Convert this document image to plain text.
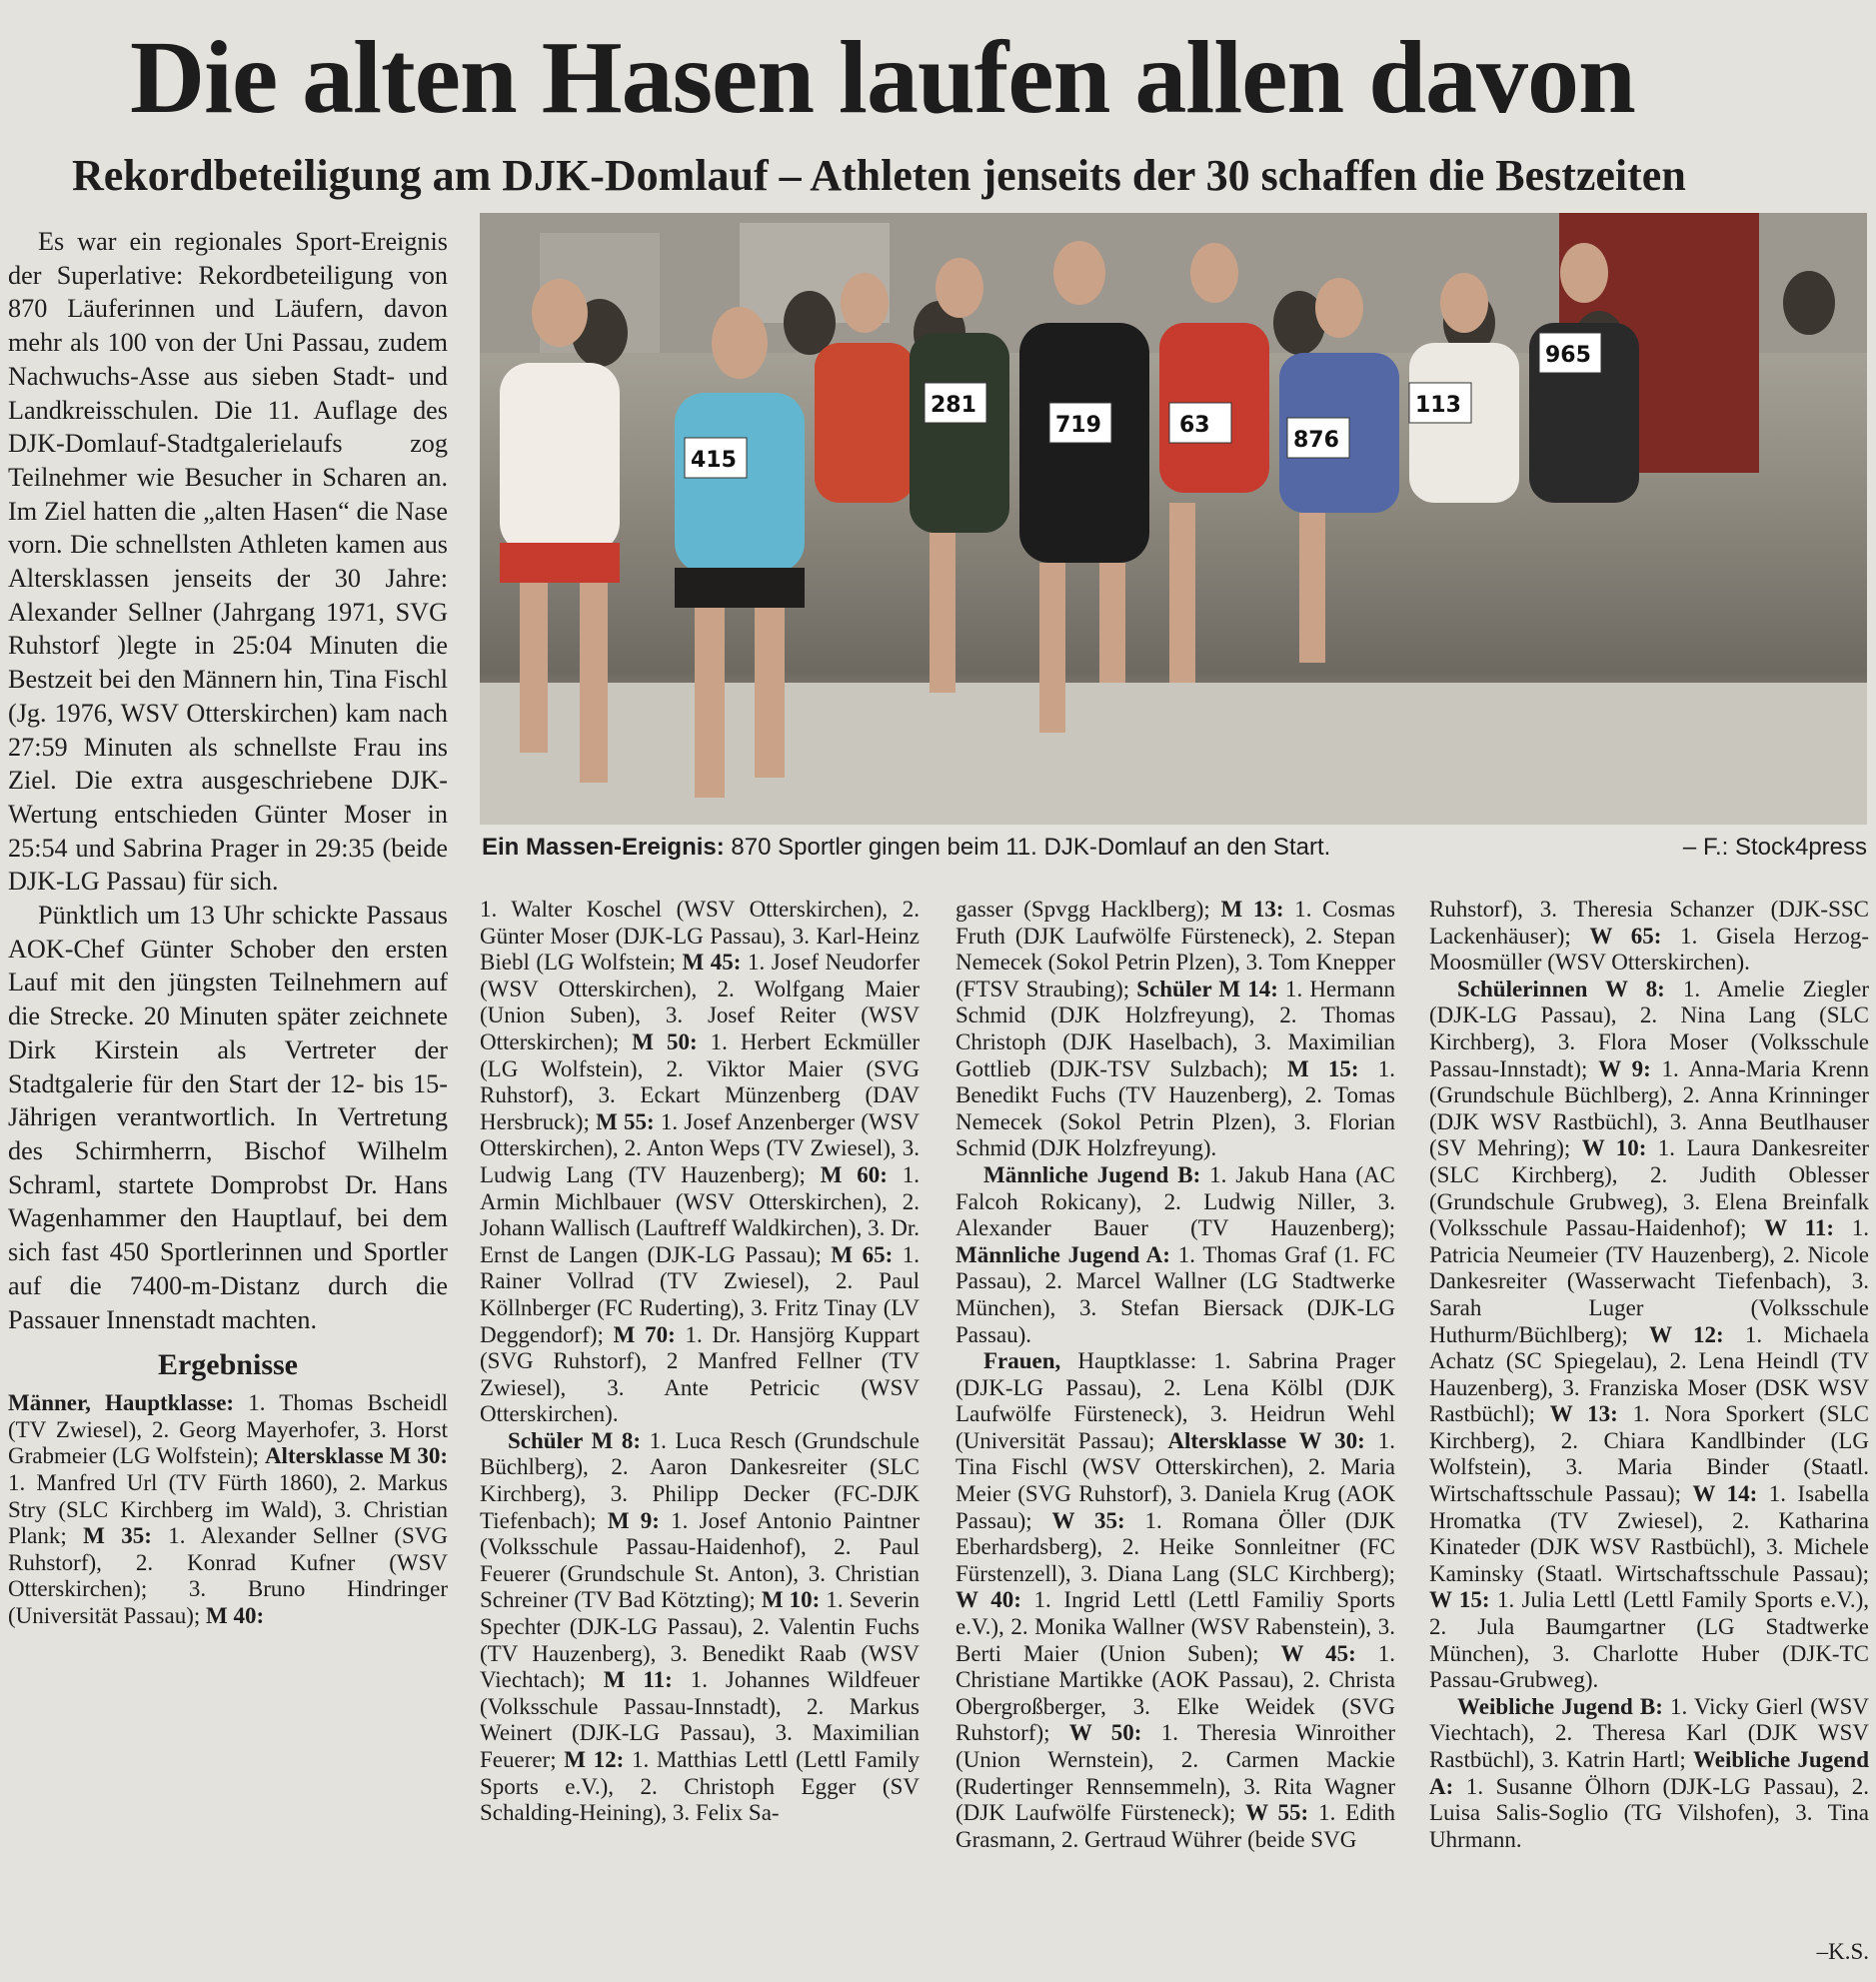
Die alten Hasen laufen allen davon
Rekordbeteiligung am DJK-Domlauf – Athleten jenseits der 30 schaffen die Bestzeiten

Es war ein regionales Sport-Ereignis der Superlative: Rekordbeteiligung von 870 Läuferinnen und Läufern, davon mehr als 100 von der Uni Passau, zudem Nachwuchs-Asse aus sieben Stadt- und Landkreisschulen. Die 11. Auflage des DJK-Domlauf-Stadtgalerielaufs zog Teilnehmer wie Besucher in Scharen an. Im Ziel hatten die „alten Hasen“ die Nase vorn. Die schnellsten Athleten kamen aus Altersklassen jenseits der 30 Jahre: Alexander Sellner (Jahrgang 1971, SVG Ruhstorf )legte in 25:04 Minuten die Bestzeit bei den Männern hin, Tina Fischl (Jg. 1976, WSV Otterskirchen) kam nach 27:59 Minuten als schnellste Frau ins Ziel. Die extra ausgeschriebene DJK-Wertung entschieden Günter Moser in 25:54 und Sabrina Prager in 29:35 (beide DJK-LG Passau) für sich.

Pünktlich um 13 Uhr schickte Passaus AOK-Chef Günter Schober den ersten Lauf mit den jüngsten Teilnehmern auf die Strecke. 20 Minuten später zeichnete Dirk Kirstein als Vertreter der Stadtgalerie für den Start der 12- bis 15-Jährigen verantwortlich. In Vertretung des Schirmherrn, Bischof Wilhelm Schraml, startete Domprobst Dr. Hans Wagenhammer den Hauptlauf, bei dem sich fast 450 Sportlerinnen und Sportler auf die 7400-m-Distanz durch die Passauer Innenstadt machten.

Ergebnisse

Männer, Hauptklasse: 1. Thomas Bscheidl (TV Zwiesel), 2. Georg Mayerhofer, 3. Horst Grabmeier (LG Wolfstein); Altersklasse M 30: 1. Manfred Url (TV Fürth 1860), 2. Markus Stry (SLC Kirchberg im Wald), 3. Christian Plank; M 35: 1. Alexander Sellner (SVG Ruhstorf), 2. Konrad Kufner (WSV Otterskirchen); 3. Bruno Hindringer (Universität Passau); M 40:

415
281
719	63
876
113
965
Ein Massen-Ereignis: 870 Sportler gingen beim 11. DJK-Domlauf an den Start.	– F.: Stock4press

1. Walter Koschel (WSV Otterskirchen), 2. Günter Moser (DJK-LG Passau), 3. Karl-Heinz Biebl (LG Wolfstein; M 45: 1. Josef Neudorfer (WSV Otterskirchen), 2. Wolfgang Maier (Union Suben), 3. Josef Reiter (WSV Otterskirchen); M 50: 1. Herbert Eckmüller (LG Wolfstein), 2. Viktor Maier (SVG Ruhstorf), 3. Eckart Münzenberg (DAV Hersbruck); M 55: 1. Josef Anzenberger (WSV Otterskirchen), 2. Anton Weps (TV Zwiesel), 3. Ludwig Lang (TV Hauzenberg); M 60: 1. Armin Michlbauer (WSV Otterskirchen), 2. Johann Wallisch (Lauftreff Waldkirchen), 3. Dr. Ernst de Langen (DJK-LG Passau); M 65: 1. Rainer Vollrad (TV Zwiesel), 2. Paul Köllnberger (FC Ruderting), 3. Fritz Tinay (LV Deggendorf); M 70: 1. Dr. Hansjörg Kuppart (SVG Ruhstorf), 2 Manfred Fellner (TV Zwiesel), 3. Ante Petricic (WSV Otterskirchen).

Schüler M 8: 1. Luca Resch (Grundschule Büchlberg), 2. Aaron Dankesreiter (SLC Kirchberg), 3. Philipp Decker (FC-DJK Tiefenbach); M 9: 1. Josef Antonio Paintner (Volksschule Passau-Haidenhof), 2. Paul Feuerer (Grundschule St. Anton), 3. Christian Schreiner (TV Bad Kötzting); M 10: 1. Severin Spechter (DJK-LG Passau), 2. Valentin Fuchs (TV Hauzenberg), 3. Benedikt Raab (WSV Viechtach); M 11: 1. Johannes Wildfeuer (Volksschule Passau-Innstadt), 2. Markus Weinert (DJK-LG Passau), 3. Maximilian Feuerer; M 12: 1. Matthias Lettl (Lettl Family Sports e.V.), 2. Christoph Egger (SV Schalding-Heining), 3. Felix Sa-

gasser (Spvgg Hacklberg); M 13: 1. Cosmas Fruth (DJK Laufwölfe Fürsteneck), 2. Stepan Nemecek (Sokol Petrin Plzen), 3. Tom Knepper (FTSV Straubing); Schüler M 14: 1. Hermann Schmid (DJK Holzfreyung), 2. Thomas Christoph (DJK Haselbach), 3. Maximilian Gottlieb (DJK-TSV Sulzbach); M 15: 1. Benedikt Fuchs (TV Hauzenberg), 2. Tomas Nemecek (Sokol Petrin Plzen), 3. Florian Schmid (DJK Holzfreyung).

Männliche Jugend B: 1. Jakub Hana (AC Falcoh Rokicany), 2. Ludwig Niller, 3. Alexander Bauer (TV Hauzenberg); Männliche Jugend A: 1. Thomas Graf (1. FC Passau), 2. Marcel Wallner (LG Stadtwerke München), 3. Stefan Biersack (DJK-LG Passau).

Frauen, Hauptklasse: 1. Sabrina Prager (DJK-LG Passau), 2. Lena Kölbl (DJK Laufwölfe Fürsteneck), 3. Heidrun Wehl (Universität Passau); Altersklasse W 30: 1. Tina Fischl (WSV Otterskirchen), 2. Maria Meier (SVG Ruhstorf), 3. Daniela Krug (AOK Passau); W 35: 1. Romana Öller (DJK Eberhardsberg), 2. Heike Sonnleitner (FC Fürstenzell), 3. Diana Lang (SLC Kirchberg); W 40: 1. Ingrid Lettl (Lettl Familiy Sports e.V.), 2. Monika Wallner (WSV Rabenstein), 3. Berti Maier (Union Suben); W 45: 1. Christiane Martikke (AOK Passau), 2. Christa Obergroßberger, 3. Elke Weidek (SVG Ruhstorf); W 50: 1. Theresia Winroither (Union Wernstein), 2. Carmen Mackie (Rudertinger Rennsemmeln), 3. Rita Wagner (DJK Laufwölfe Fürsteneck); W 55: 1. Edith Grasmann, 2. Gertraud Wührer (beide SVG

Ruhstorf), 3. Theresia Schanzer (DJK-SSC Lackenhäuser); W 65: 1. Gisela Herzog-Moosmüller (WSV Otterskirchen).

Schülerinnen W 8: 1. Amelie Ziegler (DJK-LG Passau), 2. Nina Lang (SLC Kirchberg), 3. Flora Moser (Volksschule Passau-Innstadt); W 9: 1. Anna-Maria Krenn (Grundschule Büchlberg), 2. Anna Krinninger (DJK WSV Rastbüchl), 3. Anna Beutlhauser (SV Mehring); W 10: 1. Laura Dankesreiter (SLC Kirchberg), 2. Judith Oblesser (Grundschule Grubweg), 3. Elena Breinfalk (Volksschule Passau-Haidenhof); W 11: 1. Patricia Neumeier (TV Hauzenberg), 2. Nicole Dankesreiter (Wasserwacht Tiefenbach), 3. Sarah Luger (Volksschule Huthurm/Büchlberg); W 12: 1. Michaela Achatz (SC Spiegelau), 2. Lena Heindl (TV Hauzenberg), 3. Franziska Moser (DSK WSV Rastbüchl); W 13: 1. Nora Sporkert (SLC Kirchberg), 2. Chiara Kandlbinder (LG Wolfstein), 3. Maria Binder (Staatl. Wirtschaftsschule Passau); W 14: 1. Isabella Hromatka (TV Zwiesel), 2. Katharina Kinateder (DJK WSV Rastbüchl), 3. Michele Kaminsky (Staatl. Wirtschaftsschule Passau); W 15: 1. Julia Lettl (Lettl Family Sports e.V.), 2. Jula Baumgartner (LG Stadtwerke München), 3. Charlotte Huber (DJK-TC Passau-Grubweg).

Weibliche Jugend B: 1. Vicky Gierl (WSV Viechtach), 2. Theresa Karl (DJK WSV Rastbüchl), 3. Katrin Hartl; Weibliche Jugend A: 1. Susanne Ölhorn (DJK-LG Passau), 2. Luisa Salis-Soglio (TG Vilshofen), 3. Tina Uhrmann.

–K.S.
